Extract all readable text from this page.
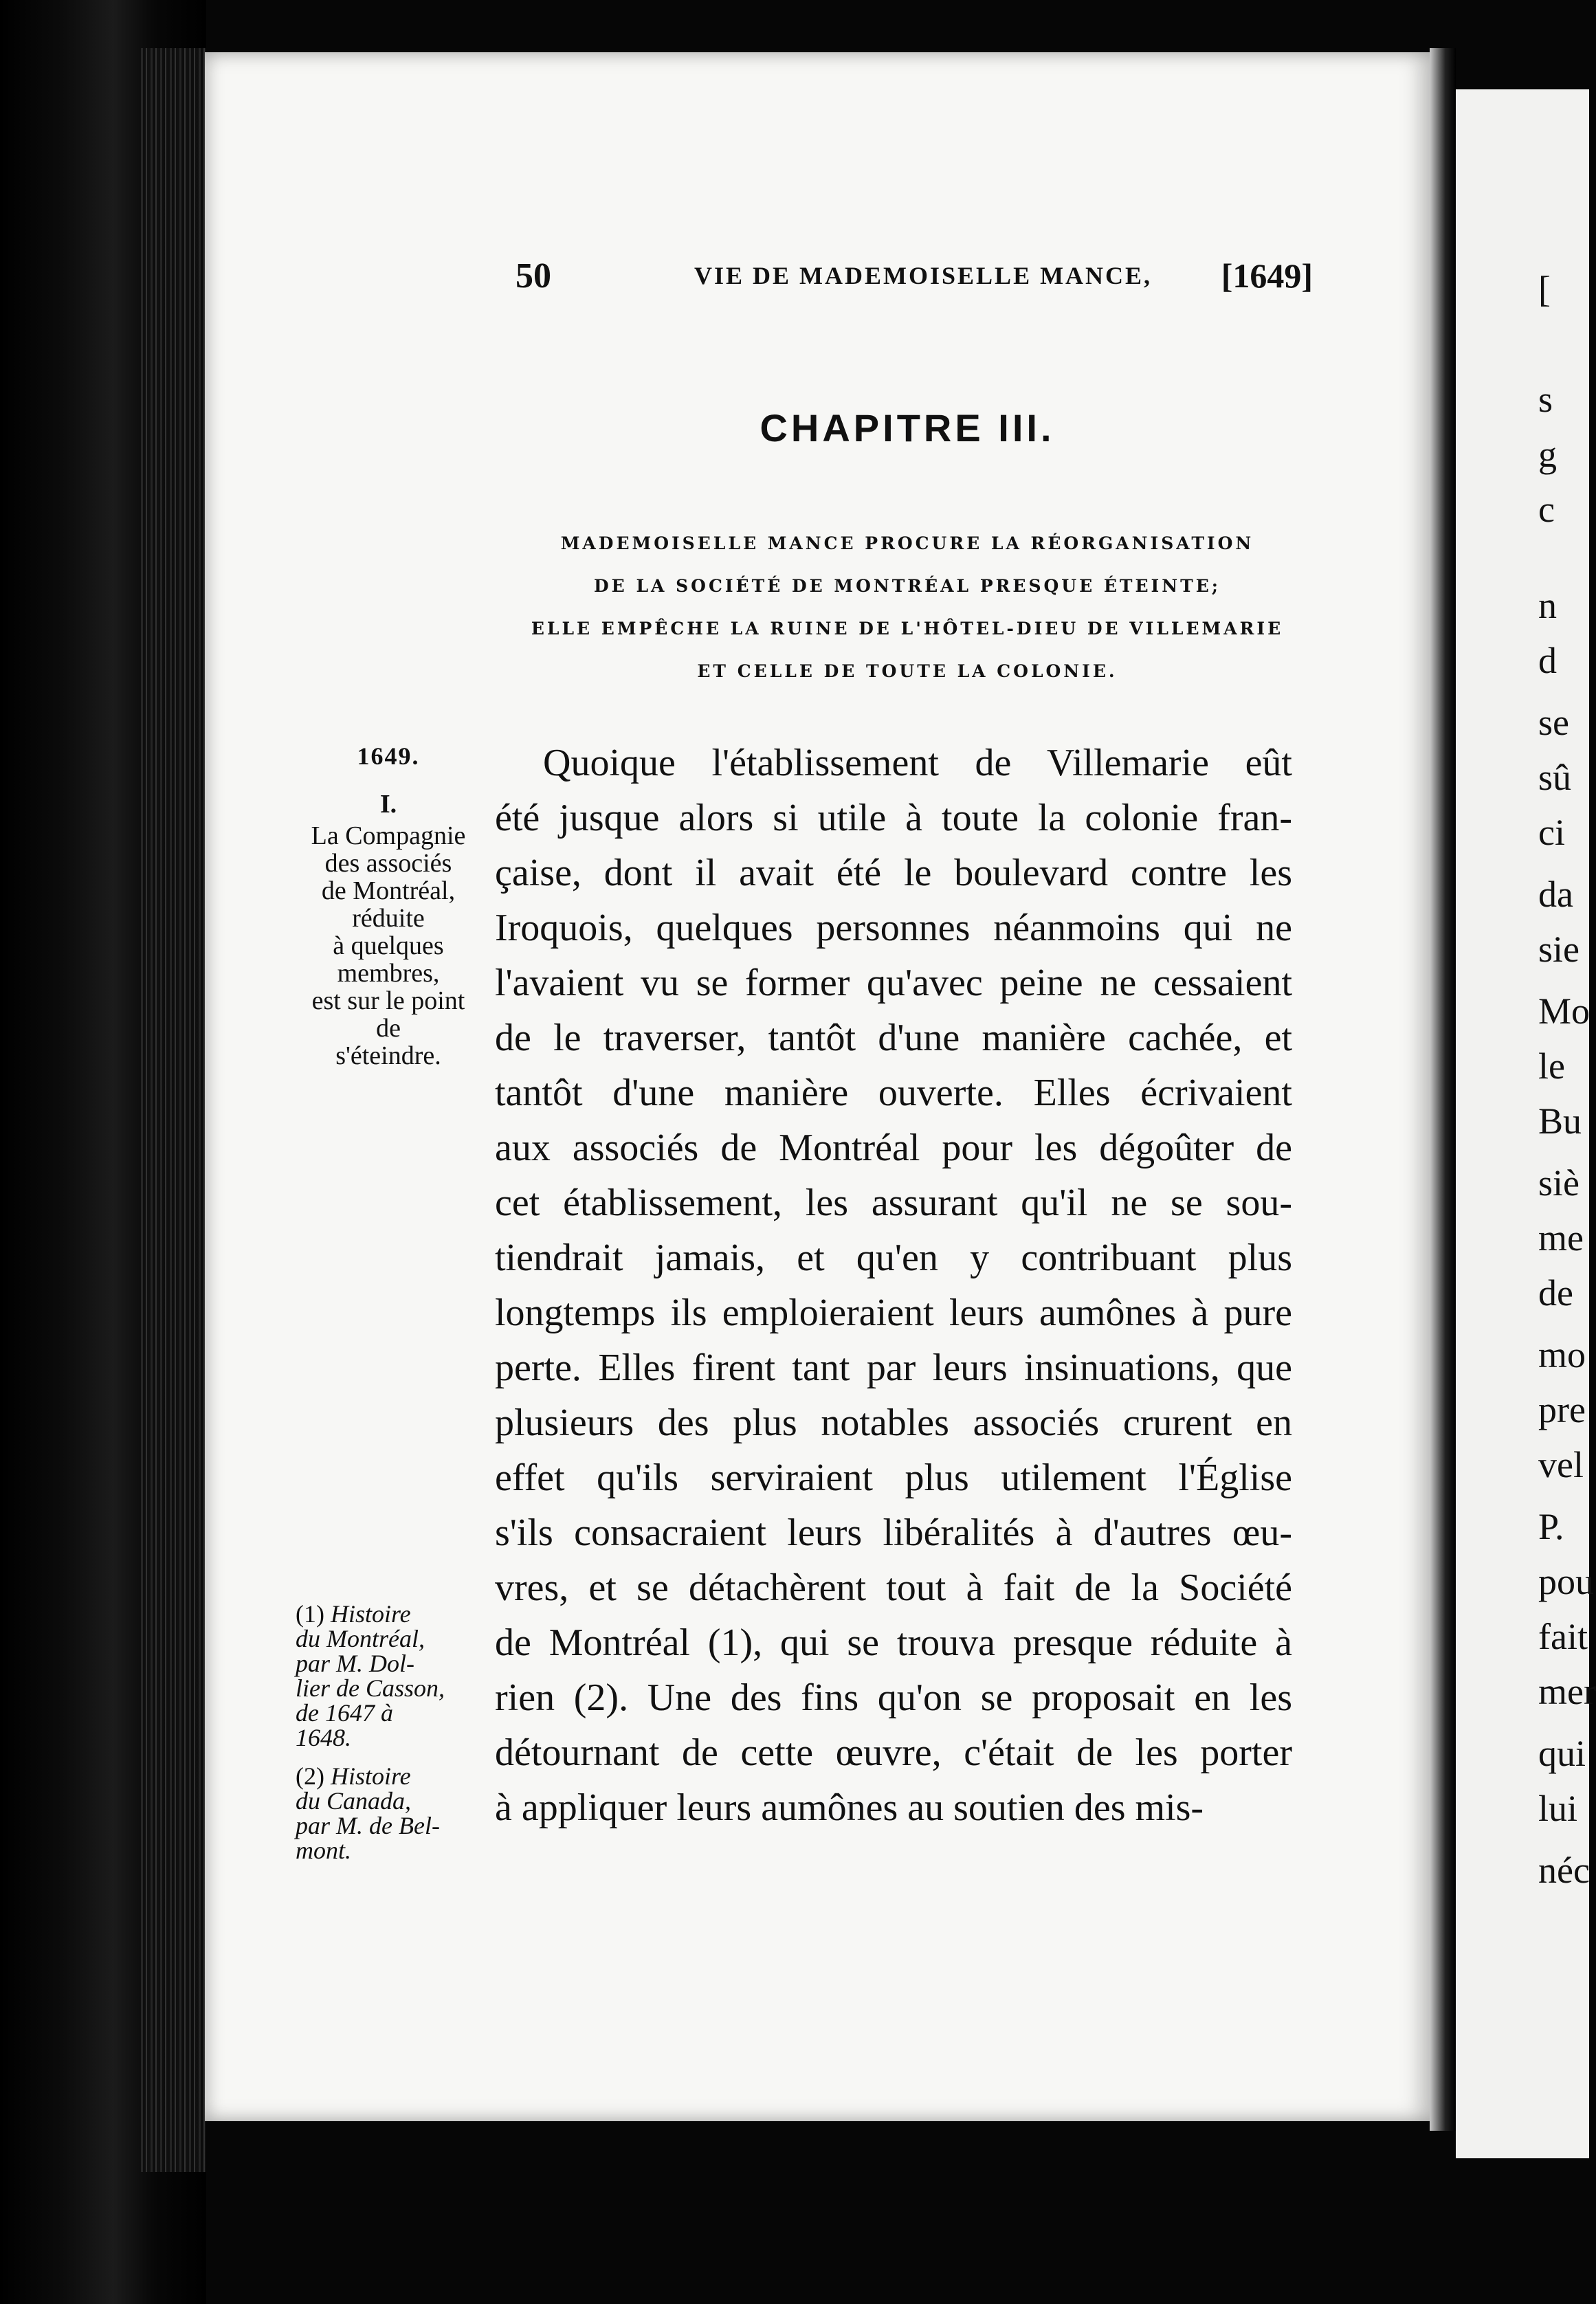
[
s
g
c
n
d
se
sû
ci
da
sie
Mo
le
Bu
siè
me
de
mo
pre
vel
P.
pou
fait
mer
qui
lui
néc
50	VIE DE MADEMOISELLE MANCE, [1649]
CHAPITRE III.
MADEMOISELLE MANCE PROCURE LA RÉORGANISATION
DE LA SOCIÉTÉ DE MONTRÉAL PRESQUE ÉTEINTE;
ELLE EMPÊCHE LA RUINE DE L'HÔTEL-DIEU DE VILLEMARIE
ET CELLE DE TOUTE LA COLONIE.
1649.
I.
La Compagnie
des associés
de Montréal,
réduite
à quelques
membres,
est sur le point
de
s'éteindre.
Quoique l'établissement de Villemarie eût
été jusque alors si utile à toute la colonie fran-
çaise, dont il avait été le boulevard contre les
Iroquois, quelques personnes néanmoins qui ne
l'avaient vu se former qu'avec peine ne cessaient
de le traverser, tantôt d'une manière cachée, et
tantôt d'une manière ouverte. Elles écrivaient
aux associés de Montréal pour les dégoûter de
cet établissement, les assurant qu'il ne se sou-
tiendrait jamais, et qu'en y contribuant plus
longtemps ils emploieraient leurs aumônes à pure
perte. Elles firent tant par leurs insinuations, que
plusieurs des plus notables associés crurent en
effet qu'ils serviraient plus utilement l'Église
s'ils consacraient leurs libéralités à d'autres œu-
vres, et se détachèrent tout à fait de la Société
de Montréal (1), qui se trouva presque réduite à
rien (2). Une des fins qu'on se proposait en les
détournant de cette œuvre, c'était de les porter
à appliquer leurs aumônes au soutien des mis-
(1) Histoire
du Montréal,
par M. Dol-
lier de Casson,
de 1647 à
1648.
(2) Histoire
du Canada,
par M. de Bel-
mont.
